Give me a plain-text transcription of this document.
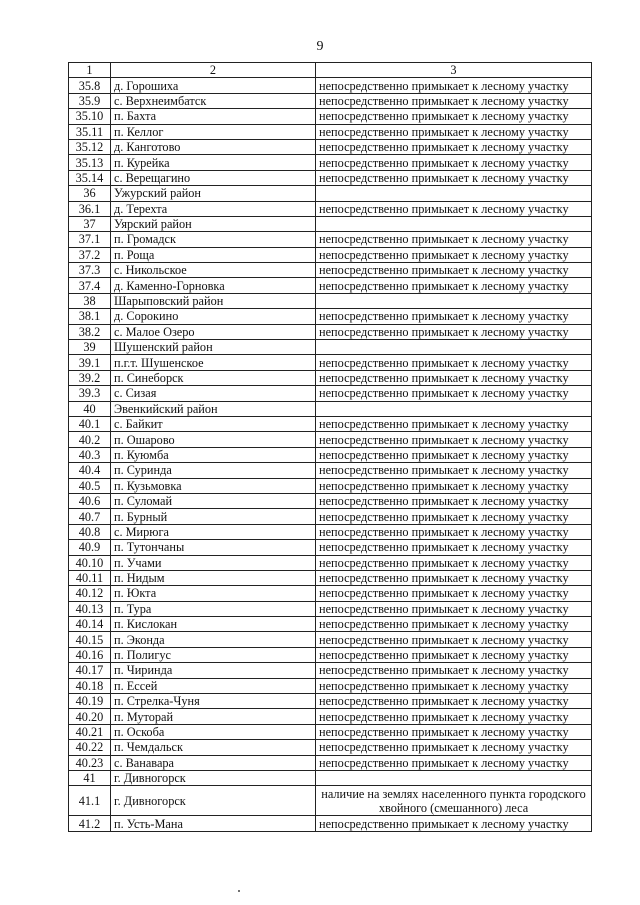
9
1	2	3
35.8	д. Горошиха	непосредственно примыкает к лесному участку
35.9	с. Верхнеимбатск	непосредственно примыкает к лесному участку
35.10	п. Бахта	непосредственно примыкает к лесному участку
35.11	п. Келлог	непосредственно примыкает к лесному участку
35.12	д. Канготово	непосредственно примыкает к лесному участку
35.13	п. Курейка	непосредственно примыкает к лесному участку
35.14	с. Верещагино	непосредственно примыкает к лесному участку
36	Ужурский район	
36.1	д. Терехта	непосредственно примыкает к лесному участку
37	Уярский район	
37.1	п. Громадск	непосредственно примыкает к лесному участку
37.2	п. Роща	непосредственно примыкает к лесному участку
37.3	с. Никольское	непосредственно примыкает к лесному участку
37.4	д. Каменно-Горновка	непосредственно примыкает к лесному участку
38	Шарыповский район	
38.1	д. Сорокино	непосредственно примыкает к лесному участку
38.2	с. Малое Озеро	непосредственно примыкает к лесному участку
39	Шушенский район	
39.1	п.г.т. Шушенское	непосредственно примыкает к лесному участку
39.2	п. Синеборск	непосредственно примыкает к лесному участку
39.3	с. Сизая	непосредственно примыкает к лесному участку
40	Эвенкийский район	
40.1	с. Байкит	непосредственно примыкает к лесному участку
40.2	п. Ошарово	непосредственно примыкает к лесному участку
40.3	п. Куюмба	непосредственно примыкает к лесному участку
40.4	п. Суринда	непосредственно примыкает к лесному участку
40.5	п. Кузьмовка	непосредственно примыкает к лесному участку
40.6	п. Суломай	непосредственно примыкает к лесному участку
40.7	п. Бурный	непосредственно примыкает к лесному участку
40.8	с. Мирюга	непосредственно примыкает к лесному участку
40.9	п. Тутончаны	непосредственно примыкает к лесному участку
40.10	п. Учами	непосредственно примыкает к лесному участку
40.11	п. Нидым	непосредственно примыкает к лесному участку
40.12	п. Юкта	непосредственно примыкает к лесному участку
40.13	п. Тура	непосредственно примыкает к лесному участку
40.14	п. Кислокан	непосредственно примыкает к лесному участку
40.15	п. Эконда	непосредственно примыкает к лесному участку
40.16	п. Полигус	непосредственно примыкает к лесному участку
40.17	п. Чиринда	непосредственно примыкает к лесному участку
40.18	п. Ессей	непосредственно примыкает к лесному участку
40.19	п. Стрелка-Чуня	непосредственно примыкает к лесному участку
40.20	п. Муторай	непосредственно примыкает к лесному участку
40.21	п. Оскоба	непосредственно примыкает к лесному участку
40.22	п. Чемдальск	непосредственно примыкает к лесному участку
40.23	с. Ванавара	непосредственно примыкает к лесному участку
41	г. Дивногорск	
41.1	г. Дивногорск	наличие на землях населенного пункта городского хвойного (смешанного) леса
41.2	п. Усть-Мана	непосредственно примыкает к лесному участку
